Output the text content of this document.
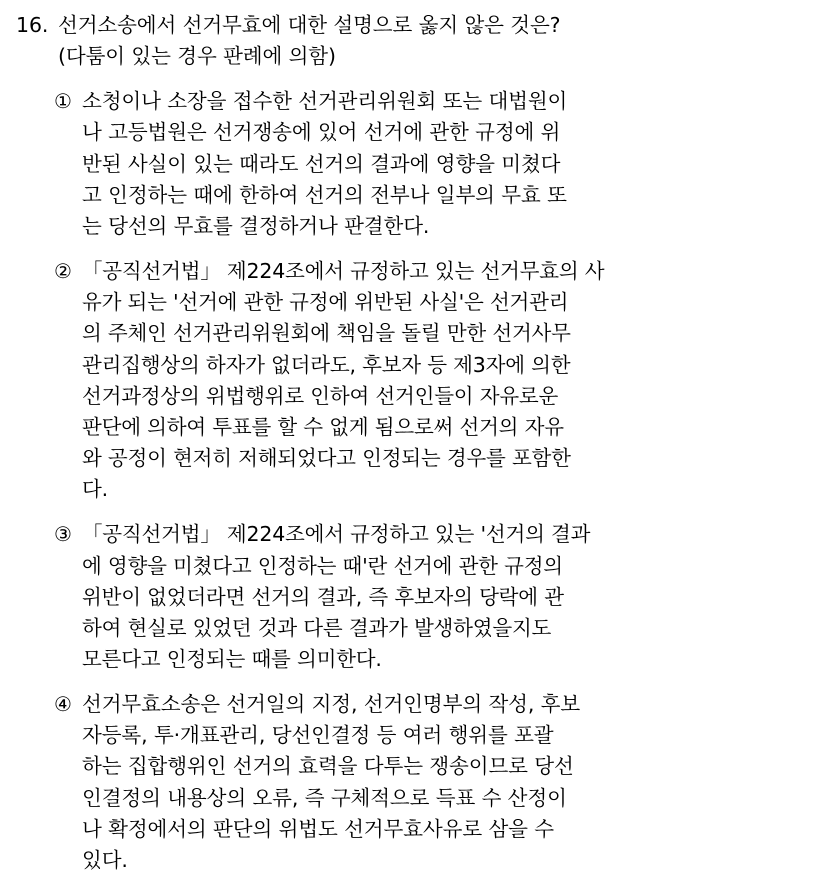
16. 선거소송에서 선거무효에 대한 설명으로 옳지 않은 것은?
(다툼이 있는 경우 판례에 의함)
① 소청이나 소장을 접수한 선거관리위원회 또는 대법원이
나 고등법원은 선거쟁송에 있어 선거에 관한 규정에 위
반된 사실이 있는 때라도 선거의 결과에 영향을 미쳤다
고 인정하는 때에 한하여 선거의 전부나 일부의 무효 또
는 당선의 무효를 결정하거나 판결한다.
② 「공직선거법」 제224조에서 규정하고 있는 선거무효의 사
유가 되는 '선거에 관한 규정에 위반된 사실'은 선거관리
의 주체인 선거관리위원회에 책임을 돌릴 만한 선거사무
관리집행상의 하자가 없더라도, 후보자 등 제3자에 의한
선거과정상의 위법행위로 인하여 선거인들이 자유로운
판단에 의하여 투표를 할 수 없게 됨으로써 선거의 자유
와 공정이 현저히 저해되었다고 인정되는 경우를 포함한
다.
③ 「공직선거법」 제224조에서 규정하고 있는 '선거의 결과
에 영향을 미쳤다고 인정하는 때'란 선거에 관한 규정의
위반이 없었더라면 선거의 결과, 즉 후보자의 당락에 관
하여 현실로 있었던 것과 다른 결과가 발생하였을지도
모른다고 인정되는 때를 의미한다.
④ 선거무효소송은 선거일의 지정, 선거인명부의 작성, 후보
자등록, 투·개표관리, 당선인결정 등 여러 행위를 포괄
하는 집합행위인 선거의 효력을 다투는 쟁송이므로 당선
인결정의 내용상의 오류, 즉 구체적으로 득표 수 산정이
나 확정에서의 판단의 위법도 선거무효사유로 삼을 수
있다.
